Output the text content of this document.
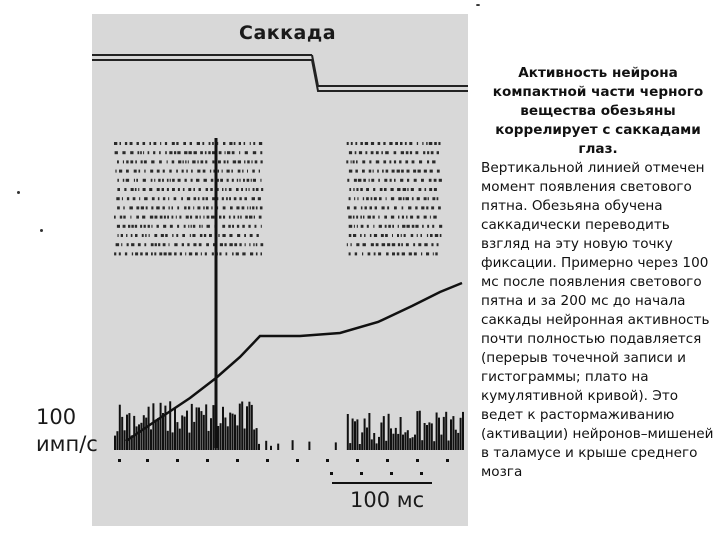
Саккада
100
имп/с
100 мс
Активность нейрона компактной части черного вещества обезьяны коррелирует с саккадами глаз.
Вертикальной линией отмечен момент появления светового пятна. Обезьяна обучена саккадически переводить взгляд на эту новую точку фиксации. Примерно через 100 мс после появления светового пятна и за 200 мс до начала саккады нейронная активность почти полностью подавляется (перерыв точечной записи и гистограммы; плато на кумулятивной кривой). Это ведет к растормаживанию (активации) нейронов–мишеней в таламусе и крыше среднего мозга
